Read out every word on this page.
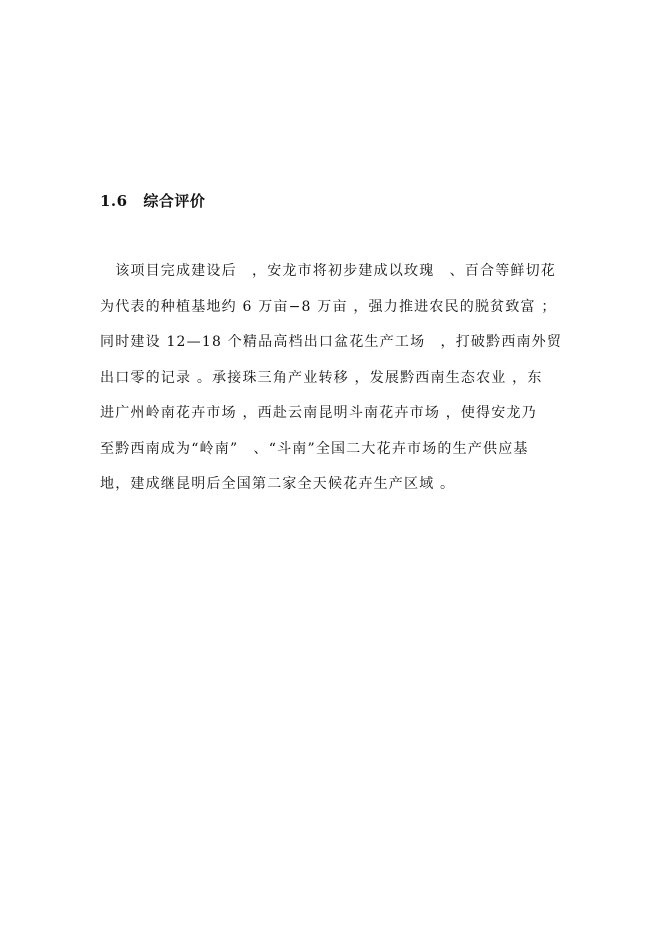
1.6 综合评价
　该项目完成建设后　，安龙市将初步建成以玫瑰　、百合等鲜切花
为代表的种植基地约 6 万亩−8 万亩 ，强力推进农民的脱贫致富 ；
同时建设 12—18 个精品高档出口盆花生产工场　，打破黔西南外贸
出口零的记录 。承接珠三角产业转移 ，发展黔西南生态农业 ，东
进广州岭南花卉市场 ，西赴云南昆明斗南花卉市场 ，使得安龙乃
至黔西南成为“岭南”　、“斗南”全国二大花卉市场的生产供应基
地，建成继昆明后全国第二家全天候花卉生产区域 。
